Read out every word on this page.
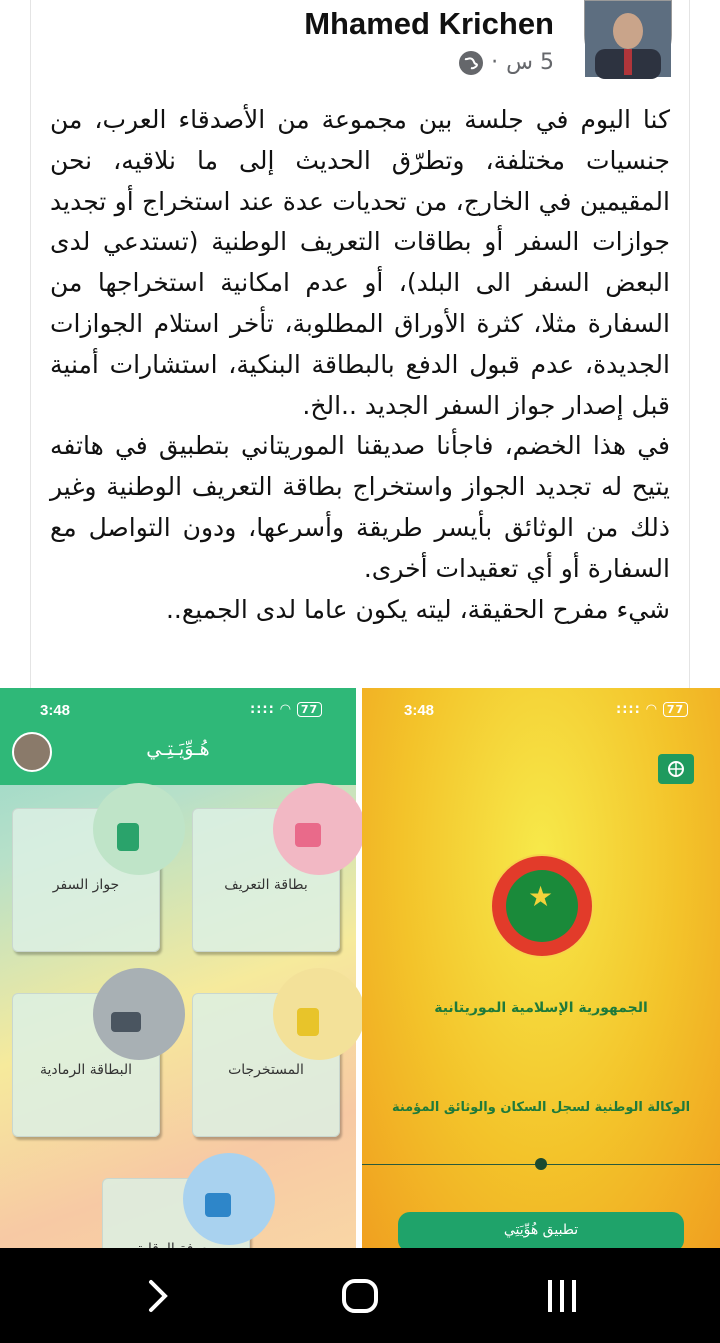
Mhamed Krichen
5 س
·

كنا اليوم في جلسة بين مجموعة من الأصدقاء العرب، من جنسيات مختلفة، وتطرّق الحديث إلى ما نلاقيه، نحن المقيمين في الخارج، من تحديات عدة عند استخراج أو تجديد جوازات السفر أو بطاقات التعريف الوطنية (تستدعي لدى البعض السفر الى البلد)، أو عدم امكانية استخراجها من السفارة مثلا، كثرة الأوراق المطلوبة، تأخر استلام الجوازات الجديدة، عدم قبول الدفع بالبطاقة البنكية، استشارات أمنية قبل إصدار جواز السفر الجديد ..الخ.

في هذا الخضم، فاجأنا صديقنا الموريتاني بتطبيق في هاتفه يتيح له تجديد الجواز واستخراج بطاقة التعريف الوطنية وغير ذلك من الوثائق بأيسر طريقة وأسرعها، ودون التواصل مع السفارة أو أي تعقيدات أخرى.

شيء مفرح الحقيقة، ليته يكون عاما لدى الجميع..

3:48	:::: ◠ 77
هُـوِّيَـتِـي
بطاقة التعريف
جواز السفر
المستخرجات
البطاقة الرمادية
3:48	:::: ◠ 77
★
الجمهورية الإسلامية الموريتانية
الوكالة الوطنية لسجل السكان والوثائق المؤمنة
تطبيق هُوِّيَتِي
